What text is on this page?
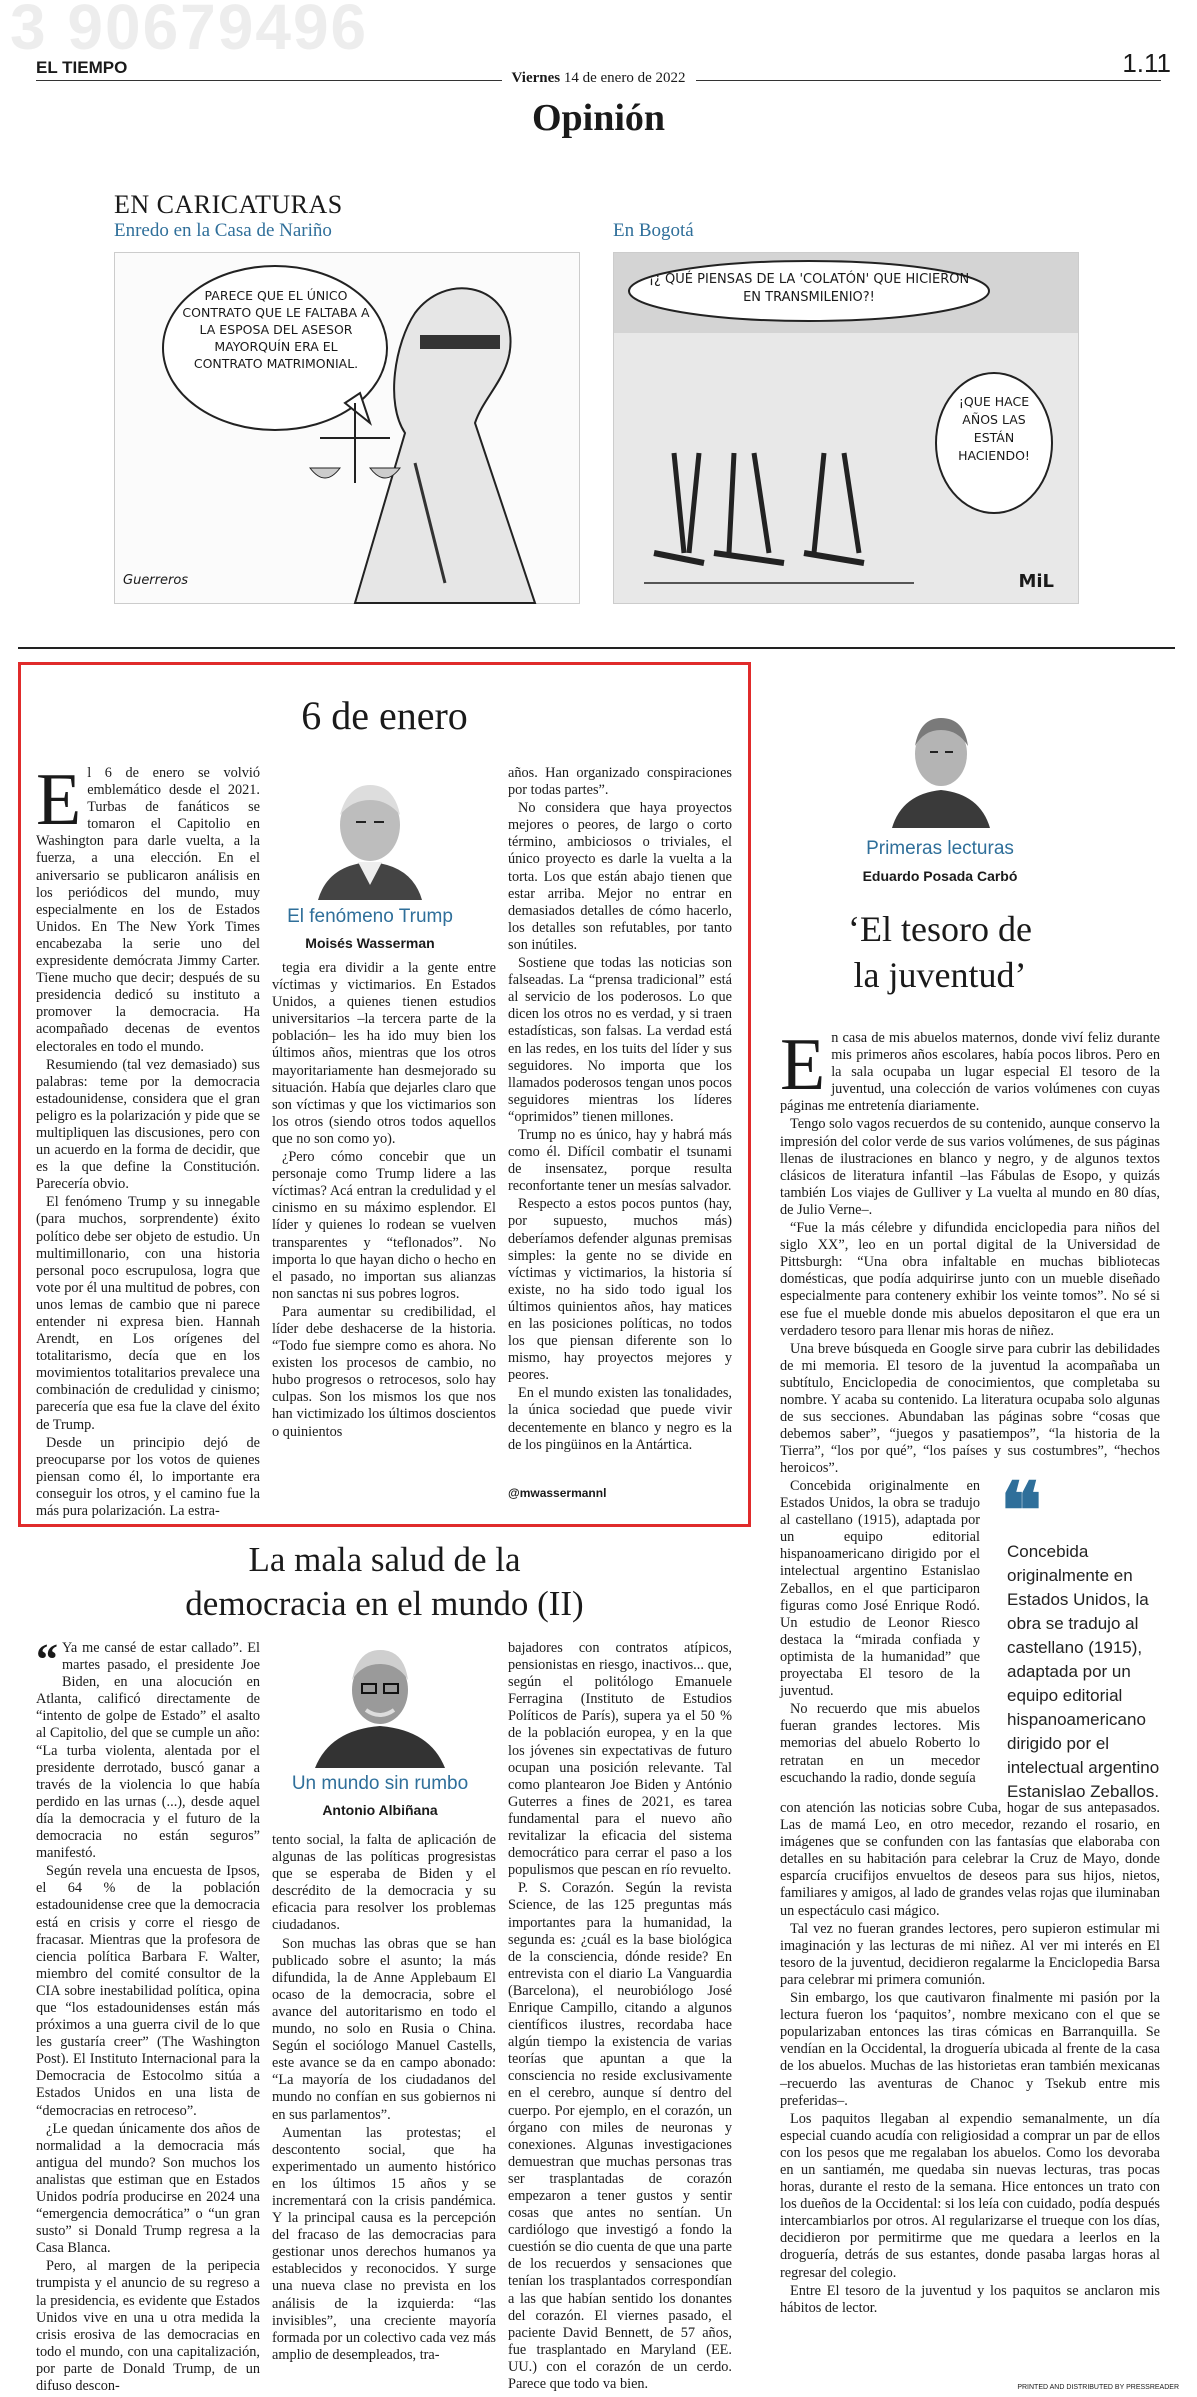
3 90679496
EL TIEMPO	1.11
Viernes 14 de enero de 2022
Opinión
EN CARICATURAS
Enredo en la Casa de Nariño	En Bogotá
PARECE QUE EL ÚNICO CONTRATO QUE LE FALTABA A LA ESPOSA DEL ASESOR MAYORQUÍN ERA EL CONTRATO MATRIMONIAL.
Guerreros
¡¿ QUÉ PIENSAS DE LA 'COLATÓN' QUE HICIERON EN TRANSMILENIO?!
¡QUE HACE AÑOS LAS ESTÁN HACIENDO!
MiL
6 de enero
El fenómeno Trump
Moisés Wasserman

El 6 de enero se volvió emblemático desde el 2021. Turbas de fanáticos se tomaron el Capitolio en Washington para darle vuelta, a la fuerza, a una elección. En el aniversario se publicaron análisis en los periódicos del mundo, muy especialmente en los de Estados Unidos. En The New York Times encabezaba la serie uno del expresidente demócrata Jimmy Carter. Tiene mucho que decir; después de su presidencia dedicó su instituto a promover la democracia. Ha acompañado decenas de eventos electorales en todo el mundo.

Resumiendo (tal vez demasiado) sus palabras: teme por la democracia estadounidense, considera que el gran peligro es la polarización y pide que se multipliquen las discusiones, pero con un acuerdo en la forma de decidir, que es la que define la Constitución. Parecería obvio.

El fenómeno Trump y su innegable (para muchos, sorprendente) éxito político debe ser objeto de estudio. Un multimillonario, con una historia personal poco escrupulosa, logra que vote por él una multitud de pobres, con unos lemas de cambio que ni parece entender ni expresa bien. Hannah Arendt, en Los orígenes del totalitarismo, decía que en los movimientos totalitarios prevalece una combinación de credulidad y cinismo; parecería que esa fue la clave del éxito de Trump.

Desde un principio dejó de preocuparse por los votos de quienes piensan como él, lo importante era conseguir los otros, y el camino fue la más pura polarización. La estra-

tegia era dividir a la gente entre víctimas y victimarios. En Estados Unidos, a quienes tienen estudios universitarios –la tercera parte de la población– les ha ido muy bien los últimos años, mientras que los otros mayoritariamente han desmejorado su situación. Había que dejarles claro que son víctimas y que los victimarios son los otros (siendo otros todos aquellos que no son como yo).

¿Pero cómo concebir que un personaje como Trump lidere a las víctimas? Acá entran la credulidad y el cinismo en su máximo esplendor. El líder y quienes lo rodean se vuelven transparentes y “teflonados”. No importa lo que hayan dicho o hecho en el pasado, no importan sus alianzas non sanctas ni sus pobres logros.

Para aumentar su credibilidad, el líder debe deshacerse de la historia. “Todo fue siempre como es ahora. No existen los procesos de cambio, no hubo progresos o retrocesos, solo hay culpas. Son los mismos los que nos han victimizado los últimos doscientos o quinientos

años. Han organizado conspiraciones por todas partes”.

No considera que haya proyectos mejores o peores, de largo o corto término, ambiciosos o triviales, el único proyecto es darle la vuelta a la torta. Los que están abajo tienen que estar arriba. Mejor no entrar en demasiados detalles de cómo hacerlo, los detalles son refutables, por tanto son inútiles.

Sostiene que todas las noticias son falseadas. La “prensa tradicional” está al servicio de los poderosos. Lo que dicen los otros no es verdad, y si traen estadísticas, son falsas. La verdad está en las redes, en los tuits del líder y sus seguidores. No importa que los llamados poderosos tengan unos pocos seguidores mientras los líderes “oprimidos” tienen millones.

Trump no es único, hay y habrá más como él. Difícil combatir el tsunami de insensatez, porque resulta reconfortante tener un mesías salvador.

Respecto a estos pocos puntos (hay, por supuesto, muchos más) deberíamos defender algunas premisas simples: la gente no se divide en víctimas y victimarios, la historia sí existe, no ha sido todo igual los últimos quinientos años, hay matices en las posiciones políticas, no todos los que piensan diferente son lo mismo, hay proyectos mejores y peores.

En el mundo existen las tonalidades, la única sociedad que puede vivir decentemente en blanco y negro es la de los pingüinos en la Antártica.

@mwassermannl
La mala salud de la
democracia en el mundo (II)
Un mundo sin rumbo
Antonio Albiñana

“ Ya me cansé de estar callado”. El martes pasado, el presidente Joe Biden, en una alocución en Atlanta, calificó directamente de “intento de golpe de Estado” el asalto al Capitolio, del que se cumple un año: “La turba violenta, alentada por el presidente derrotado, buscó ganar a través de la violencia lo que había perdido en las urnas (...), desde aquel día la democracia y el futuro de la democracia no están seguros” manifestó.

Según revela una encuesta de Ipsos, el 64 % de la población estadounidense cree que la democracia está en crisis y corre el riesgo de fracasar. Mientras que la profesora de ciencia política Barbara F. Walter, miembro del comité consultor de la CIA sobre inestabilidad política, opina que “los estadounidenses están más próximos a una guerra civil de lo que les gustaría creer” (The Washington Post). El Instituto Internacional para la Democracia de Estocolmo sitúa a Estados Unidos en una lista de “democracias en retroceso”.

¿Le quedan únicamente dos años de normalidad a la democracia más antigua del mundo? Son muchos los analistas que estiman que en Estados Unidos podría producirse en 2024 una “emergencia democrática” o “un gran susto” si Donald Trump regresa a la Casa Blanca.

Pero, al margen de la peripecia trumpista y el anuncio de su regreso a la presidencia, es evidente que Estados Unidos vive en una u otra medida la crisis erosiva de las democracias en todo el mundo, con una capitalización, por parte de Donald Trump, de un difuso descon-

tento social, la falta de aplicación de algunas de las políticas progresistas que se esperaba de Biden y el descrédito de la democracia y su eficacia para resolver los problemas ciudadanos.

Son muchas las obras que se han publicado sobre el asunto; la más difundida, la de Anne Applebaum El ocaso de la democracia, sobre el avance del autoritarismo en todo el mundo, no solo en Rusia o China. Según el sociólogo Manuel Castells, este avance se da en campo abonado: “La mayoría de los ciudadanos del mundo no confían en sus gobiernos ni en sus parlamentos”.

Aumentan las protestas; el descontento social, que ha experimentado un aumento histórico en los últimos 15 años y se incrementará con la crisis pandémica. Y la principal causa es la percepción del fracaso de las democracias para gestionar unos derechos humanos ya establecidos y reconocidos. Y surge una nueva clase no prevista en los análisis de la izquierda: “las invisibles”, una creciente mayoría formada por un colectivo cada vez más amplio de desempleados, tra-

bajadores con contratos atípicos, pensionistas en riesgo, inactivos... que, según el politólogo Emanuele Ferragina (Instituto de Estudios Políticos de París), supera ya el 50 % de la población europea, y en la que los jóvenes sin expectativas de futuro ocupan una posición relevante. Tal como plantearon Joe Biden y António Guterres a fines de 2021, es tarea fundamental para el nuevo año revitalizar la eficacia del sistema democrático para cerrar el paso a los populismos que pescan en río revuelto.

P. S. Corazón. Según la revista Science, de las 125 preguntas más importantes para la humanidad, la segunda es: ¿cuál es la base biológica de la consciencia, dónde reside? En entrevista con el diario La Vanguardia (Barcelona), el neurobiólogo José Enrique Campillo, citando a algunos científicos ilustres, recordaba hace algún tiempo la existencia de varias teorías que apuntan a que la consciencia no reside exclusivamente en el cerebro, aunque sí dentro del cuerpo. Por ejemplo, en el corazón, un órgano con miles de neuronas y conexiones. Algunas investigaciones demuestran que muchas personas tras ser trasplantadas de corazón empezaron a tener gustos y sentir cosas que antes no sentían. Un cardiólogo que investigó a fondo la cuestión se dio cuenta de que una parte de los recuerdos y sensaciones que tenían los trasplantados correspondían a las que habían sentido los donantes del corazón. El viernes pasado, el paciente David Bennett, de 57 años, fue trasplantado en Maryland (EE. UU.) con el corazón de un cerdo. Parece que todo va bien.

Primeras lecturas
Eduardo Posada Carbó
‘El tesoro de
la juventud’

En casa de mis abuelos maternos, donde viví feliz durante mis primeros años escolares, había pocos libros. Pero en la sala ocupaba un lugar especial El tesoro de la juventud, una colección de varios volúmenes con cuyas páginas me entretenía diariamente.

Tengo solo vagos recuerdos de su contenido, aunque conservo la impresión del color verde de sus varios volúmenes, de sus páginas llenas de ilustraciones en blanco y negro, y de algunos textos clásicos de literatura infantil –las Fábulas de Esopo, y quizás también Los viajes de Gulliver y La vuelta al mundo en 80 días, de Julio Verne–.

“Fue la más célebre y difundida enciclopedia para niños del siglo XX”, leo en un portal digital de la Universidad de Pittsburgh: “Una obra infaltable en muchas bibliotecas domésticas, que podía adquirirse junto con un mueble diseñado especialmente para contenery exhibir los veinte tomos”. No sé si ese fue el mueble donde mis abuelos depositaron el que era un verdadero tesoro para llenar mis horas de niñez.

Una breve búsqueda en Google sirve para cubrir las debilidades de mi memoria. El tesoro de la juventud la acompañaba un subtítulo, Enciclopedia de conocimientos, que completaba su nombre. Y acaba su contenido. La literatura ocupaba solo algunas de sus secciones. Abundaban las páginas sobre “cosas que debemos saber”, “juegos y pasatiempos”, “la historia de la Tierra”, “los por qué”, “los países y sus costumbres”, “hechos heroicos”.

Concebida originalmente en Estados Unidos, la obra se tradujo al castellano (1915), adaptada por un equipo editorial hispanoamericano dirigido por el intelectual argentino Estanislao Zeballos, en el que participaron figuras como José Enrique Rodó. Un estudio de Leonor Riesco destaca la “mirada confiada y optimista de la humanidad” que proyectaba El tesoro de la juventud.

No recuerdo que mis abuelos fueran grandes lectores. Mis memorias del abuelo Roberto lo retratan en un mecedor escuchando la radio, donde seguía

❝
Concebida originalmente en Estados Unidos, la obra se tradujo al castellano (1915), adaptada por un equipo editorial hispanoamericano dirigido por el intelectual argentino Estanislao Zeballos.

con atención las noticias sobre Cuba, hogar de sus antepasados. Las de mamá Leo, en otro mecedor, rezando el rosario, en imágenes que se confunden con las fantasías que elaboraba con detalles en su habitación para celebrar la Cruz de Mayo, donde esparcía crucifijos envueltos de deseos para sus hijos, nietos, familiares y amigos, al lado de grandes velas rojas que iluminaban un espectáculo casi mágico.

Tal vez no fueran grandes lectores, pero supieron estimular mi imaginación y las lecturas de mi niñez. Al ver mi interés en El tesoro de la juventud, decidieron regalarme la Enciclopedia Barsa para celebrar mi primera comunión.

Sin embargo, los que cautivaron finalmente mi pasión por la lectura fueron los ‘paquitos’, nombre mexicano con el que se popularizaban entonces las tiras cómicas en Barranquilla. Se vendían en la Occidental, la droguería ubicada al frente de la casa de los abuelos. Muchas de las historietas eran también mexicanas –recuerdo las aventuras de Chanoc y Tsekub entre mis preferidas–.

Los paquitos llegaban al expendio semanalmente, un día especial cuando acudía con religiosidad a comprar un par de ellos con los pesos que me regalaban los abuelos. Como los devoraba en un santiamén, me quedaba sin nuevas lecturas, tras pocas horas, durante el resto de la semana. Hice entonces un trato con los dueños de la Occidental: si los leía con cuidado, podía después intercambiarlos por otros. Al regularizarse el trueque con los días, decidieron por permitirme que me quedara a leerlos en la droguería, detrás de sus estantes, donde pasaba largas horas al regresar del colegio.

Entre El tesoro de la juventud y los paquitos se anclaron mis hábitos de lector.

PRINTED AND DISTRIBUTED BY PRESSREADER
